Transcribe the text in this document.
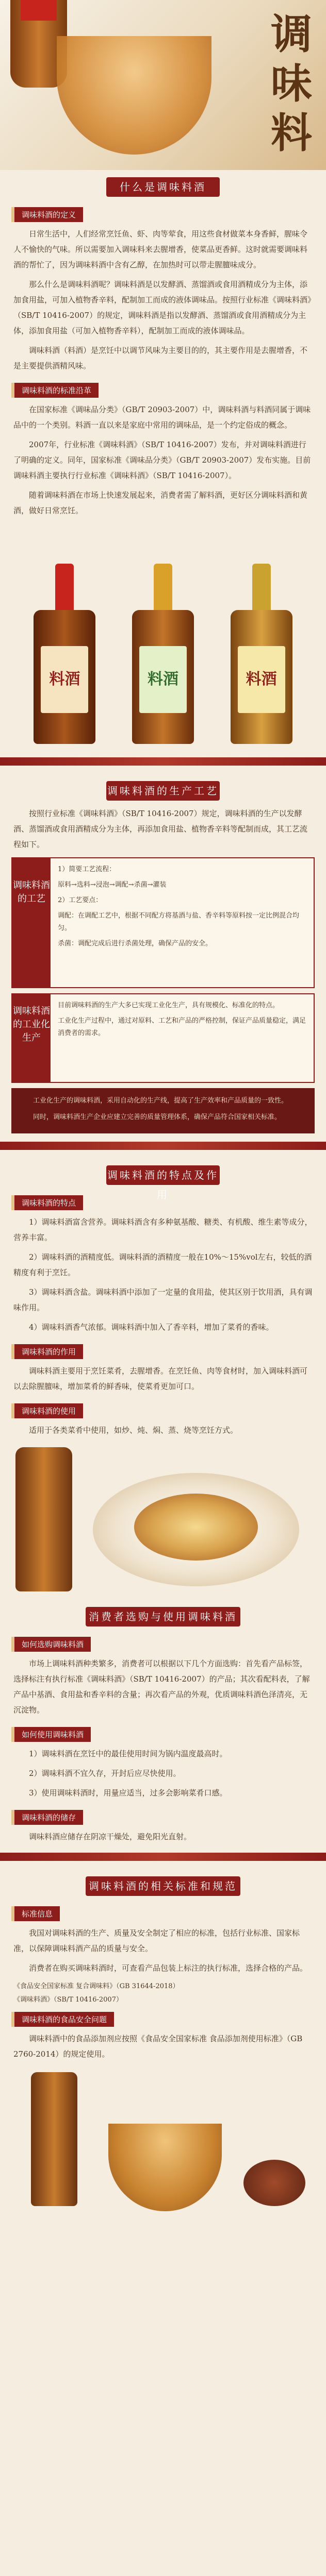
调
味
料
什么是调味料酒
调味料酒的定义

日常生活中，人们经常烹饪鱼、虾、肉等荤食，用这些食材做菜本身香鲜，腥味令人不愉快的气味。所以需要加入调味料来去腥增香，使菜品更香鲜。这时就需要调味料酒的帮忙了，因为调味料酒中含有乙醇，在加热时可以带走腥膻味成分。

那么什么是调味料酒呢？调味料酒是以发酵酒、蒸馏酒或食用酒精成分为主体，添加食用盐，可加入植物香辛料，配制加工而成的液体调味品。按照行业标准《调味料酒》（SB/T 10416-2007）的规定，调味料酒是指以发酵酒、蒸馏酒或食用酒精成分为主体，添加食用盐（可加入植物香辛料），配制加工而成的液体调味品。

调味料酒（料酒）是烹饪中以调节风味为主要目的的，其主要作用是去腥增香，不是主要提供酒精风味。

调味料酒的标准沿革

在国家标准《调味品分类》（GB/T 20903-2007）中，调味料酒与料酒同属于调味品中的一个类别。料酒一直以来是家庭中常用的调味品，是一个约定俗成的概念。

2007年，行业标准《调味料酒》（SB/T 10416-2007）发布，并对调味料酒进行了明确的定义。同年，国家标准《调味品分类》（GB/T 20903-2007）发布实施。目前调味料酒主要执行行业标准《调味料酒》（SB/T 10416-2007）。

随着调味料酒在市场上快速发展起来，消费者需了解料酒，更好区分调味料酒和黄酒，做好日常烹饪。

料酒	料酒	料酒
调味料酒的生产工艺

按照行业标准《调味料酒》（SB/T 10416-2007）规定，调味料酒的生产以发酵酒、蒸馏酒或食用酒精成分为主体，再添加食用盐、植物香辛料等配制而成，其工艺流程如下。

调味料酒的工艺

1）简要工艺流程：

原料→选料→浸泡→调配→杀菌→灌装

2）工艺要点：

调配：在调配工艺中，根据不同配方将基酒与盐、香辛料等原料按一定比例混合均匀。

杀菌：调配完成后进行杀菌处理，确保产品的安全。

调味料酒的工业化生产

目前调味料酒的生产大多已实现工业化生产，具有规模化、标准化的特点。

工业化生产过程中，通过对原料、工艺和产品的严格控制，保证产品质量稳定，满足消费者的需求。

工业化生产的调味料酒，采用自动化的生产线，提高了生产效率和产品质量的一致性。

同时，调味料酒生产企业应建立完善的质量管理体系，确保产品符合国家相关标准。

调味料酒的特点及作用
调味料酒的特点

1）调味料酒富含营养。调味料酒含有多种氨基酸、糖类、有机酸、维生素等成分，营养丰富。

2）调味料酒的酒精度低。调味料酒的酒精度一般在10%～15%vol左右，较低的酒精度有利于烹饪。

3）调味料酒含盐。调味料酒中添加了一定量的食用盐，使其区别于饮用酒，具有调味作用。

4）调味料酒香气浓郁。调味料酒中加入了香辛料，增加了菜肴的香味。

调味料酒的作用

调味料酒主要用于烹饪菜肴，去腥增香。在烹饪鱼、肉等食材时，加入调味料酒可以去除腥膻味，增加菜肴的鲜香味，使菜肴更加可口。

调味料酒的使用

适用于各类菜肴中使用，如炒、炖、焖、蒸、烧等烹饪方式。

消费者选购与使用调味料酒
如何选购调味料酒

市场上调味料酒种类繁多，消费者可以根据以下几个方面选购：首先看产品标签，选择标注有执行标准《调味料酒》（SB/T 10416-2007）的产品；其次看配料表，了解产品中基酒、食用盐和香辛料的含量；再次看产品的外观，优质调味料酒色泽清亮，无沉淀物。

如何使用调味料酒

1）调味料酒在烹饪中的最佳使用时间为锅内温度最高时。

2）调味料酒不宜久存，开封后应尽快使用。

3）使用调味料酒时，用量应适当，过多会影响菜肴口感。

调味料酒的储存

调味料酒应储存在阴凉干燥处，避免阳光直射。

调味料酒的相关标准和规范
标准信息

我国对调味料酒的生产、质量及安全制定了相应的标准，包括行业标准、国家标准，以保障调味料酒产品的质量与安全。

消费者在购买调味料酒时，可查看产品包装上标注的执行标准，选择合格的产品。

《食品安全国家标准 复合调味料》（GB 31644-2018）

《调味料酒》（SB/T 10416-2007）

调味料酒的食品安全问题

调味料酒中的食品添加剂应按照《食品安全国家标准 食品添加剂使用标准》（GB 2760-2014）的规定使用。
